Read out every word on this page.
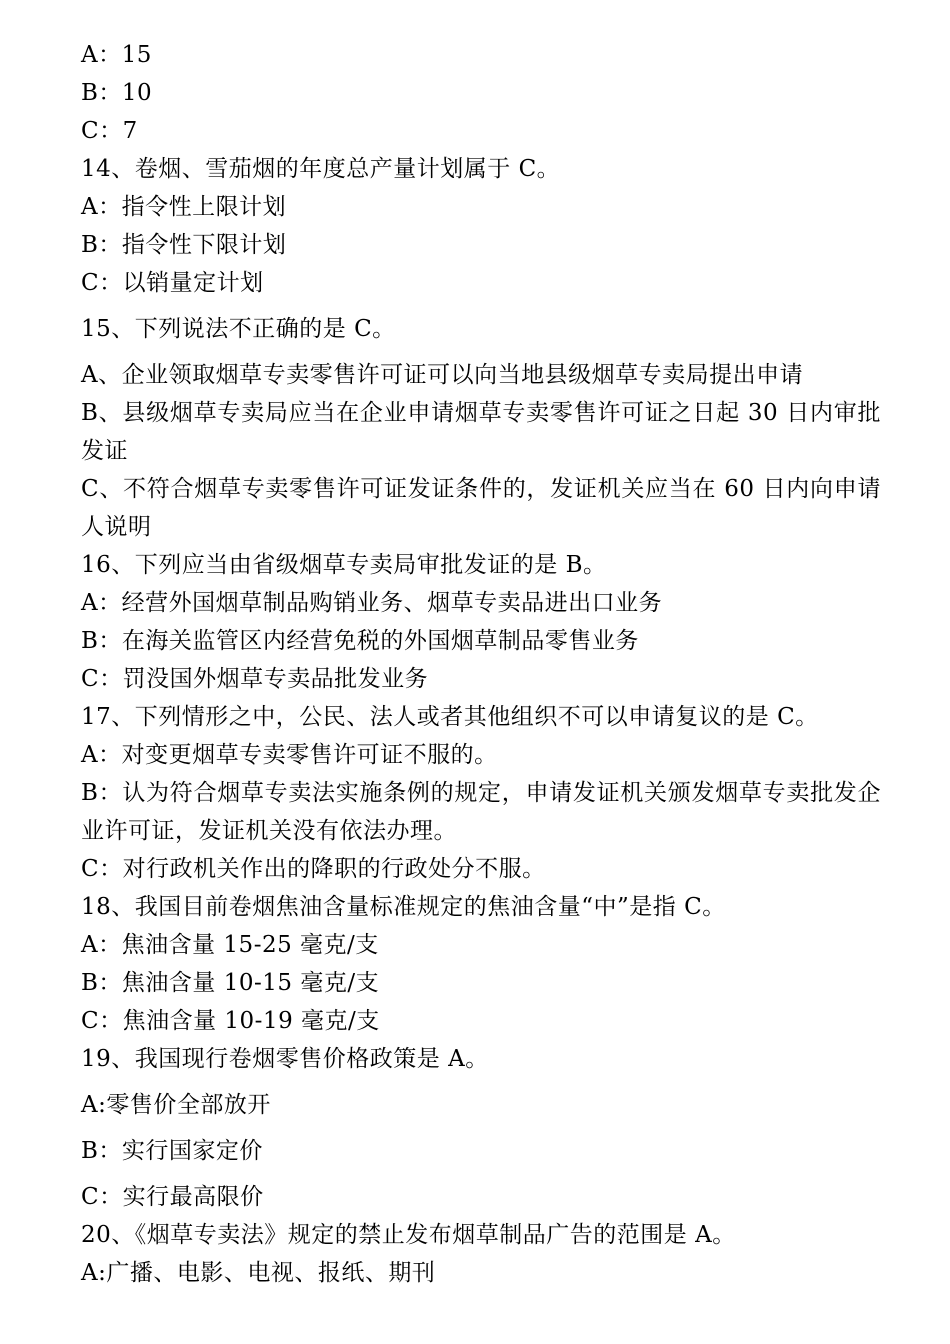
A：15
B：10
C：7
14、卷烟、雪茄烟的年度总产量计划属于 C。
A：指令性上限计划
B：指令性下限计划
C：以销量定计划
15、下列说法不正确的是 C。
A、企业领取烟草专卖零售许可证可以向当地县级烟草专卖局提出申请
B、县级烟草专卖局应当在企业申请烟草专卖零售许可证之日起 30 日内审批发证
C、不符合烟草专卖零售许可证发证条件的，发证机关应当在 60 日内向申请人说明
16、下列应当由省级烟草专卖局审批发证的是 B。
A：经营外国烟草制品购销业务、烟草专卖品进出口业务
B：在海关监管区内经营免税的外国烟草制品零售业务
C：罚没国外烟草专卖品批发业务
17、下列情形之中，公民、法人或者其他组织不可以申请复议的是 C。
A：对变更烟草专卖零售许可证不服的。
B：认为符合烟草专卖法实施条例的规定，申请发证机关颁发烟草专卖批发企业许可证，发证机关没有依法办理。
C：对行政机关作出的降职的行政处分不服。
18、我国目前卷烟焦油含量标准规定的焦油含量“中”是指 C。
A：焦油含量 15-25 毫克/支
B：焦油含量 10-15 毫克/支
C：焦油含量 10-19 毫克/支
19、我国现行卷烟零售价格政策是 A。
A:零售价全部放开
B：实行国家定价
C：实行最高限价
20、《烟草专卖法》规定的禁止发布烟草制品广告的范围是 A。
A:广播、电影、电视、报纸、期刊
